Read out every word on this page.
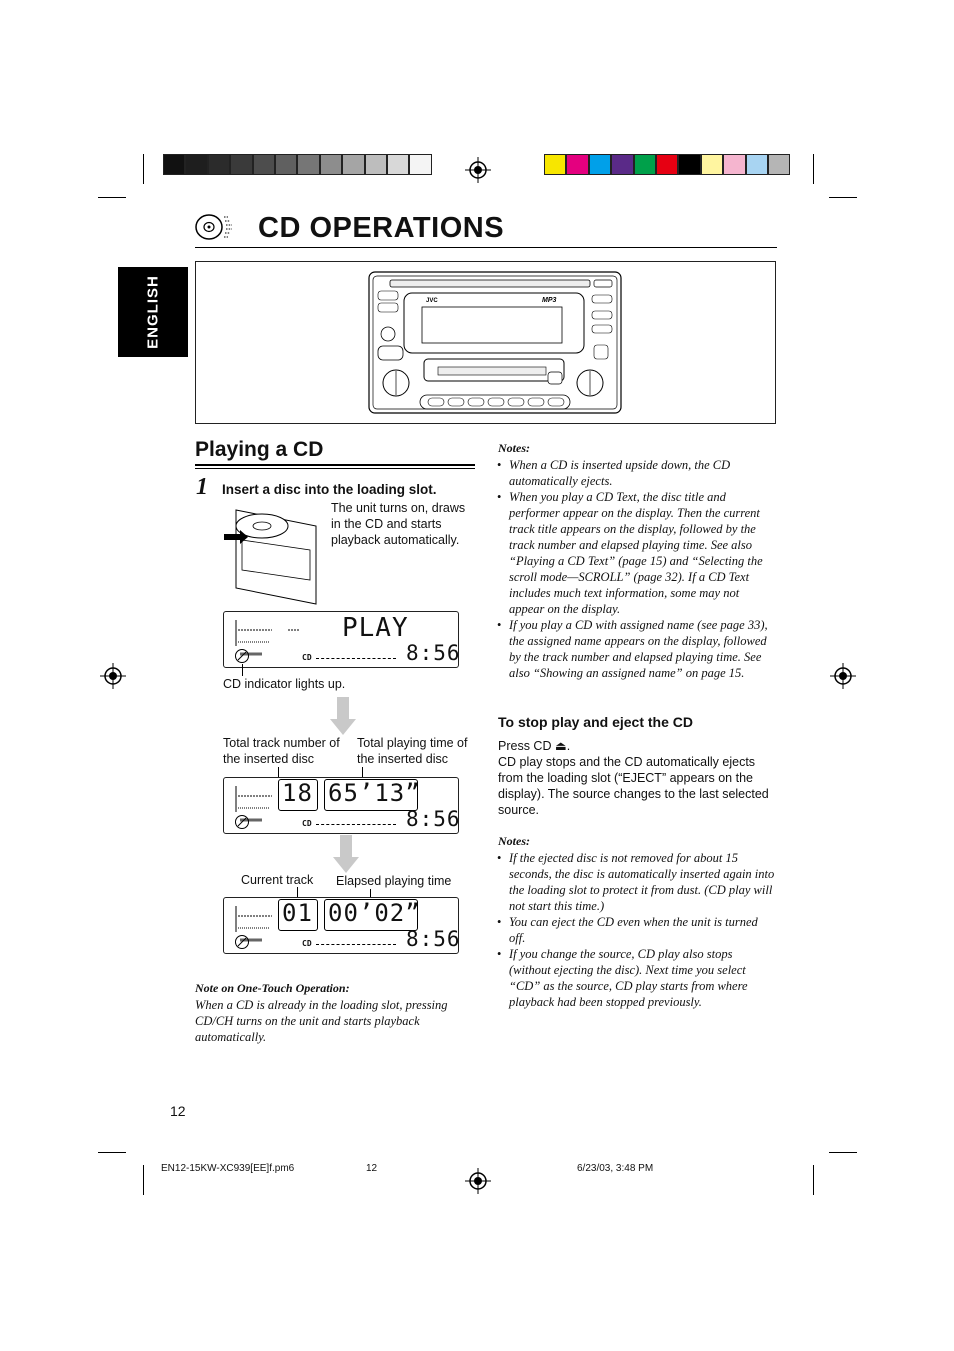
CD OPERATIONS
ENGLISH	JVC	MP3
Playing a CD
1 Insert a disc into the loading slot.
The unit turns on, draws in the CD and starts playback automatically.
PLAY
CD	8:56
CD indicator lights up.
Total track number of the inserted disc
Total playing time of the inserted disc
18 65’13”
CD	8:56
Current track Elapsed playing time
01 00’02”
CD	8:56
Note on One-Touch Operation:
When a CD is already in the loading slot, pressing CD/CH turns on the unit and starts playback automatically.
Notes:
• When a CD is inserted upside down, the CD automatically ejects.
• When you play a CD Text, the disc title and performer appear on the display. Then the current track title appears on the display, followed by the track number and elapsed playing time. See also “Playing a CD Text” (page 15) and “Selecting the scroll mode—SCROLL” (page 32). If a CD Text includes much text information, some may not appear on the display.
• If you play a CD with assigned name (see page 33), the assigned name appears on the display, followed by the track number and elapsed playing time. See also “Showing an assigned name” on page 15.
To stop play and eject the CD
Press CD ⏏.
CD play stops and the CD automatically ejects from the loading slot (“EJECT” appears on the display). The source changes to the last selected source.
Notes:
• If the ejected disc is not removed for about 15 seconds, the disc is automatically inserted again into the loading slot to protect it from dust. (CD play will not start this time.)
• You can eject the CD even when the unit is turned off.
• If you change the source, CD play also stops (without ejecting the disc). Next time you select “CD” as the source, CD play starts from where playback had been stopped previously.
12
EN12-15KW-XC939[EE]f.pm6	12	6/23/03, 3:48 PM
